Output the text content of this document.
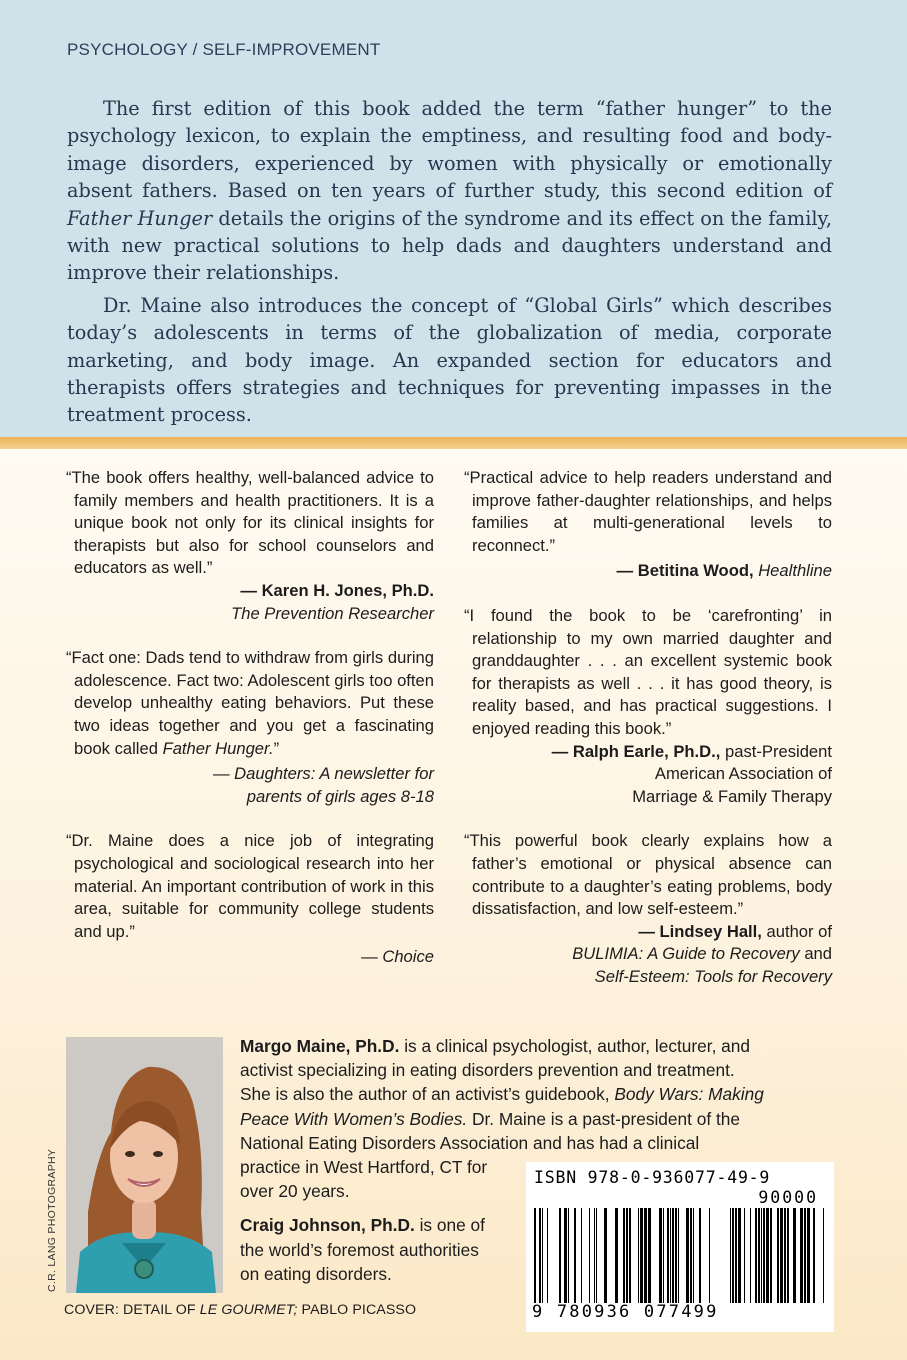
PSYCHOLOGY / SELF-IMPROVEMENT

The first edition of this book added the term “father hunger” to the psychology lexicon, to explain the emptiness, and resulting food and body-image disorders, experienced by women with physically or emotionally absent fathers. Based on ten years of further study, this second edition of Father Hunger details the origins of the syndrome and its effect on the family, with new practical solutions to help dads and daughters understand and improve their relationships.

Dr. Maine also introduces the concept of “Global Girls” which describes today’s adolescents in terms of the globalization of media, corporate marketing, and body image. An expanded section for educators and therapists offers strategies and techniques for preventing impasses in the treatment process.

“The book offers healthy, well-balanced advice to family members and health practitioners. It is a unique book not only for its clinical insights for therapists but also for school counselors and educators as well.”
— Karen H. Jones, Ph.D.
The Prevention Researcher
“Fact one: Dads tend to withdraw from girls during adolescence. Fact two: Adolescent girls too often develop unhealthy eating behaviors. Put these two ideas together and you get a fascinating book called Father Hunger.”
— Daughters: A newsletter for
parents of girls ages 8-18
“Dr. Maine does a nice job of integrating psychological and sociological research into her material. An important contribution of work in this area, suitable for community college students and up.”
— Choice
“Practical advice to help readers understand and improve father-daughter relationships, and helps families at multi-generational levels to reconnect.”
— Betitina Wood, Healthline
“I found the book to be ‘carefronting’ in relationship to my own married daughter and granddaughter . . . an excellent systemic book for therapists as well . . . it has good theory, is reality based, and has practical suggestions. I enjoyed reading this book.”
— Ralph Earle, Ph.D., past-President
American Association of
Marriage & Family Therapy
“This powerful book clearly explains how a father’s emotional or physical absence can contribute to a daughter’s eating problems, body dissatisfaction, and low self-esteem.”
— Lindsey Hall, author of
BULIMIA: A Guide to Recovery and
Self-Esteem: Tools for Recovery
C.R. LANG PHOTOGRAPHY

Margo Maine, Ph.D. is a clinical psychologist, author, lecturer, and
activist specializing in eating disorders prevention and treatment.
She is also the author of an activist’s guidebook, Body Wars: Making
Peace With Women’s Bodies. Dr. Maine is a past-president of the
National Eating Disorders Association and has had a clinical
practice in West Hartford, CT for
over 20 years.

Craig Johnson, Ph.D. is one of
the world’s foremost authorities
on eating disorders.

ISBN 978-0-936077-49-9
90000
9 780936 077499
COVER: DETAIL OF LE GOURMET; PABLO PICASSO
